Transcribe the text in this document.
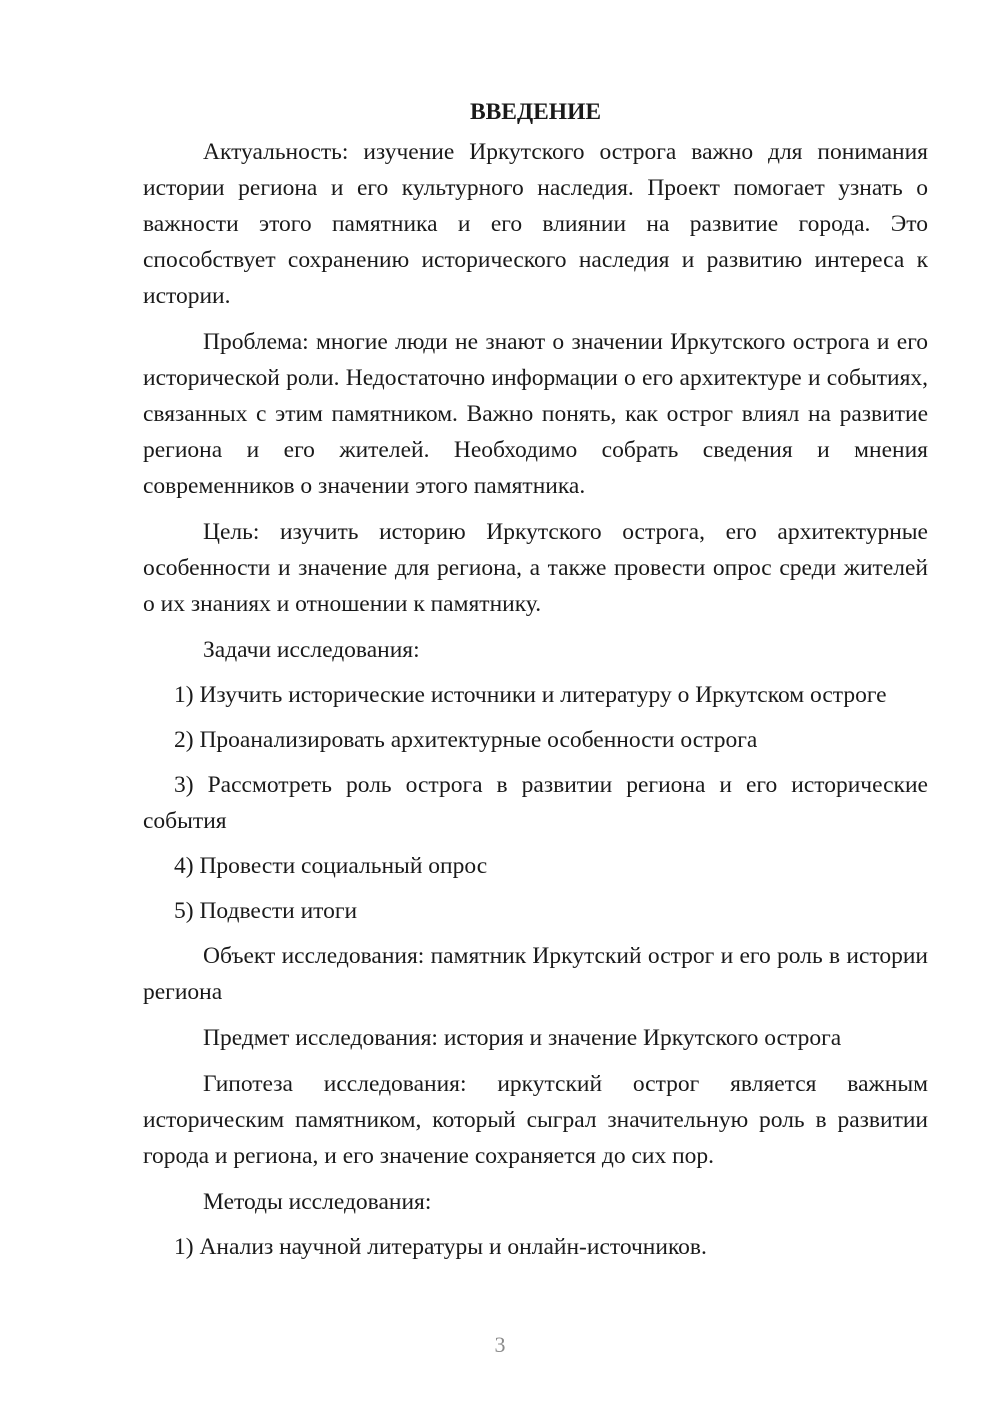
ВВЕДЕНИЕ

Актуальность: изучение Иркутского острога важно для понимания истории региона и его культурного наследия. Проект помогает узнать о важности этого памятника и его влиянии на развитие города. Это способствует сохранению исторического наследия и развитию интереса к истории.

Проблема: многие люди не знают о значении Иркутского острога и его исторической роли. Недостаточно информации о его архитектуре и событиях, связанных с этим памятником. Важно понять, как острог влиял на развитие региона и его жителей. Необходимо собрать сведения и мнения современников о значении этого памятника.

Цель: изучить историю Иркутского острога, его архитектурные особенности и значение для региона, а также провести опрос среди жителей о их знаниях и отношении к памятнику.

Задачи исследования:

1) Изучить исторические источники и литературу о Иркутском остроге

2) Проанализировать архитектурные особенности острога

3) Рассмотреть роль острога в развитии региона и его исторические события

4) Провести социальный опрос

5) Подвести итоги

Объект исследования: памятник Иркутский острог и его роль в истории региона

Предмет исследования: история и значение Иркутского острога

Гипотеза исследования: иркутский острог является важным историческим памятником, который сыграл значительную роль в развитии города и региона, и его значение сохраняется до сих пор.

Методы исследования:

1) Анализ научной литературы и онлайн-источников.

3
